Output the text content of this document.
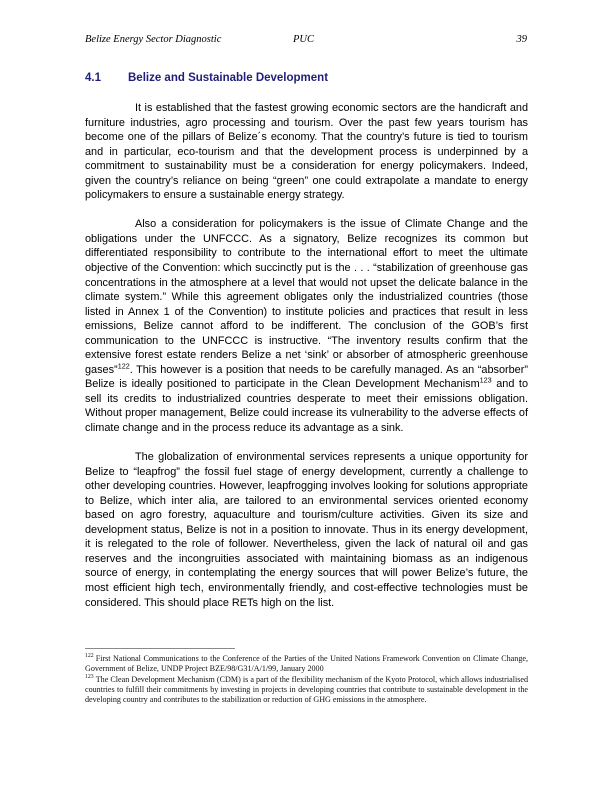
Belize Energy Sector Diagnostic	PUC	39
4.1 Belize and Sustainable Development

It is established that the fastest growing economic sectors are the handicraft and furniture industries, agro processing and tourism. Over the past few years tourism has become one of the pillars of Belize´s economy. That the country’s future is tied to tourism and in particular, eco-tourism and that the development process is underpinned by a commitment to sustainability must be a consideration for energy policymakers. Indeed, given the country’s reliance on being “green” one could extrapolate a mandate to energy policymakers to ensure a sustainable energy strategy.

Also a consideration for policymakers is the issue of Climate Change and the obligations under the UNFCCC. As a signatory, Belize recognizes its common but differentiated responsibility to contribute to the international effort to meet the ultimate objective of the Convention: which succinctly put is the . . . “stabilization of greenhouse gas concentrations in the atmosphere at a level that would not upset the delicate balance in the climate system.” While this agreement obligates only the industrialized countries (those listed in Annex 1 of the Convention) to institute policies and practices that result in less emissions, Belize cannot afford to be indifferent. The conclusion of the GOB’s first communication to the UNFCCC is instructive. “The inventory results confirm that the extensive forest estate renders Belize a net ‘sink’ or absorber of atmospheric greenhouse gases”$^{122}$. This however is a position that needs to be carefully managed. As an “absorber” Belize is ideally positioned to participate in the Clean Development Mechanism$^{123}$ and to sell its credits to industrialized countries desperate to meet their emissions obligation. Without proper management, Belize could increase its vulnerability to the adverse effects of climate change and in the process reduce its advantage as a sink.

The globalization of environmental services represents a unique opportunity for Belize to “leapfrog” the fossil fuel stage of energy development, currently a challenge to other developing countries. However, leapfrogging involves looking for solutions appropriate to Belize, which inter alia, are tailored to an environmental services oriented economy based on agro forestry, aquaculture and tourism/culture activities. Given its size and development status, Belize is not in a position to innovate. Thus in its energy development, it is relegated to the role of follower. Nevertheless, given the lack of natural oil and gas reserves and the incongruities associated with maintaining biomass as an indigenous source of energy, in contemplating the energy sources that will power Belize’s future, the most efficient high tech, environmentally friendly, and cost-effective technologies must be considered. This should place RETs high on the list.

$^{122}$ First National Communications to the Conference of the Parties of the United Nations Framework Convention on Climate Change, Government of Belize, UNDP Project BZE/98/G31/A/1/99, January 2000

$^{123}$ The Clean Development Mechanism (CDM) is a part of the flexibility mechanism of the Kyoto Protocol, which allows industrialised countries to fulfill their commitments by investing in projects in developing countries that contribute to sustainable development in the developing country and contributes to the stabilization or reduction of GHG emissions in the atmosphere.
